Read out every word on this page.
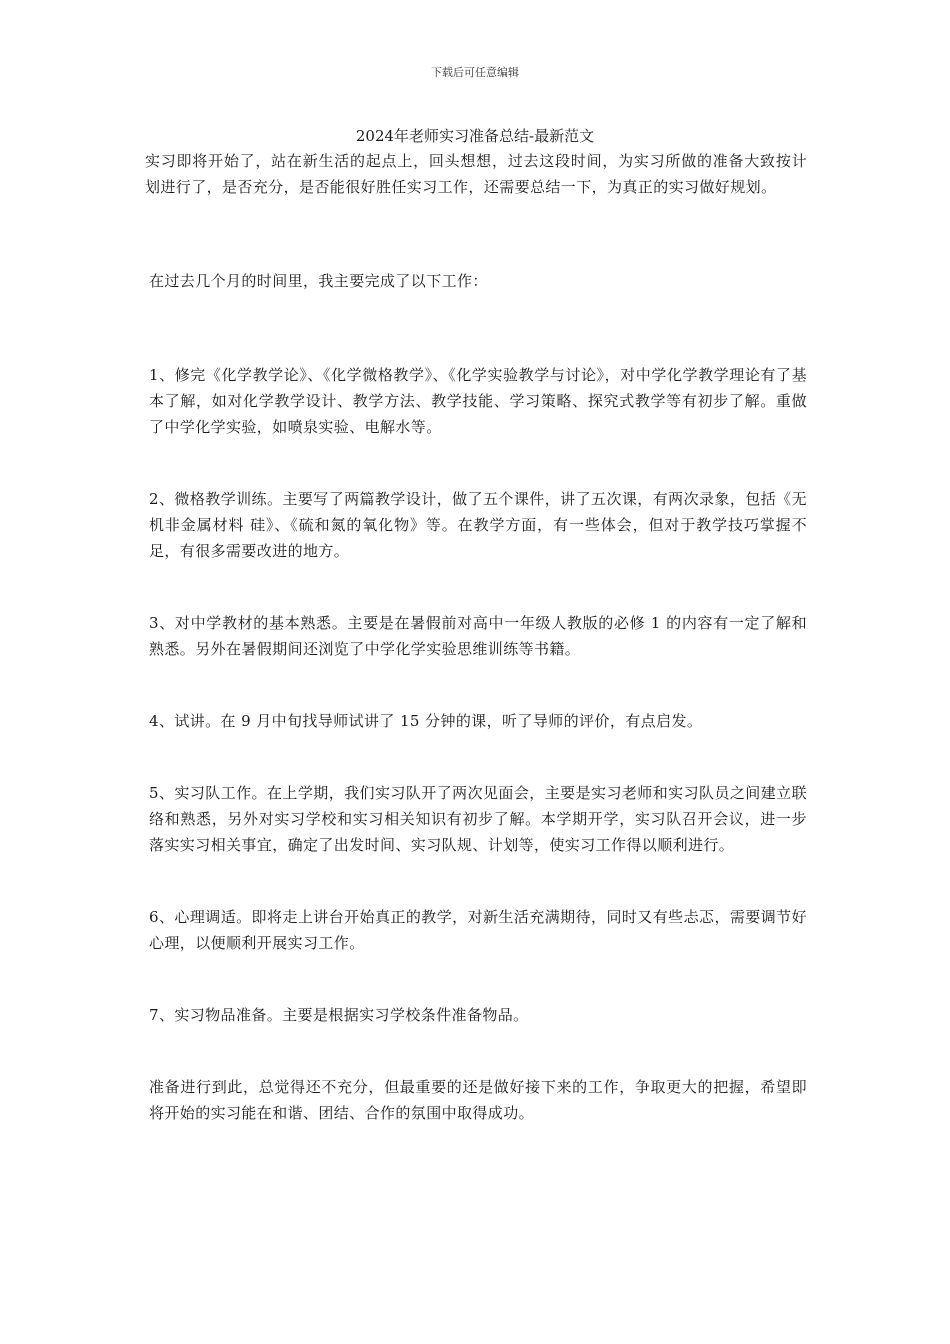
下载后可任意编辑
2024年老师实习准备总结-最新范文

实习即将开始了，站在新生活的起点上，回头想想，过去这段时间，为实习所做的准备大致按计划进行了，是否充分，是否能很好胜任实习工作，还需要总结一下，为真正的实习做好规划。

在过去几个月的时间里，我主要完成了以下工作：

1、修完《化学教学论》、《化学微格教学》、《化学实验教学与讨论》，对中学化学教学理论有了基本了解，如对化学教学设计、教学方法、教学技能、学习策略、探究式教学等有初步了解。重做了中学化学实验，如喷泉实验、电解水等。

2、微格教学训练。主要写了两篇教学设计，做了五个课件，讲了五次课，有两次录象，包括《无机非金属材料 硅》、《硫和氮的氧化物》等。在教学方面，有一些体会，但对于教学技巧掌握不足，有很多需要改进的地方。

3、对中学教材的基本熟悉。主要是在暑假前对高中一年级人教版的必修 1 的内容有一定了解和熟悉。另外在暑假期间还浏览了中学化学实验思维训练等书籍。

4、试讲。在 9 月中旬找导师试讲了 15 分钟的课，听了导师的评价，有点启发。

5、实习队工作。在上学期，我们实习队开了两次见面会，主要是实习老师和实习队员之间建立联络和熟悉，另外对实习学校和实习相关知识有初步了解。本学期开学，实习队召开会议，进一步落实实习相关事宜，确定了出发时间、实习队规、计划等，使实习工作得以顺利进行。

6、心理调适。即将走上讲台开始真正的教学，对新生活充满期待，同时又有些忐忑，需要调节好心理，以便顺利开展实习工作。

7、实习物品准备。主要是根据实习学校条件准备物品。

准备进行到此，总觉得还不充分，但最重要的还是做好接下来的工作，争取更大的把握，希望即将开始的实习能在和谐、团结、合作的氛围中取得成功。
